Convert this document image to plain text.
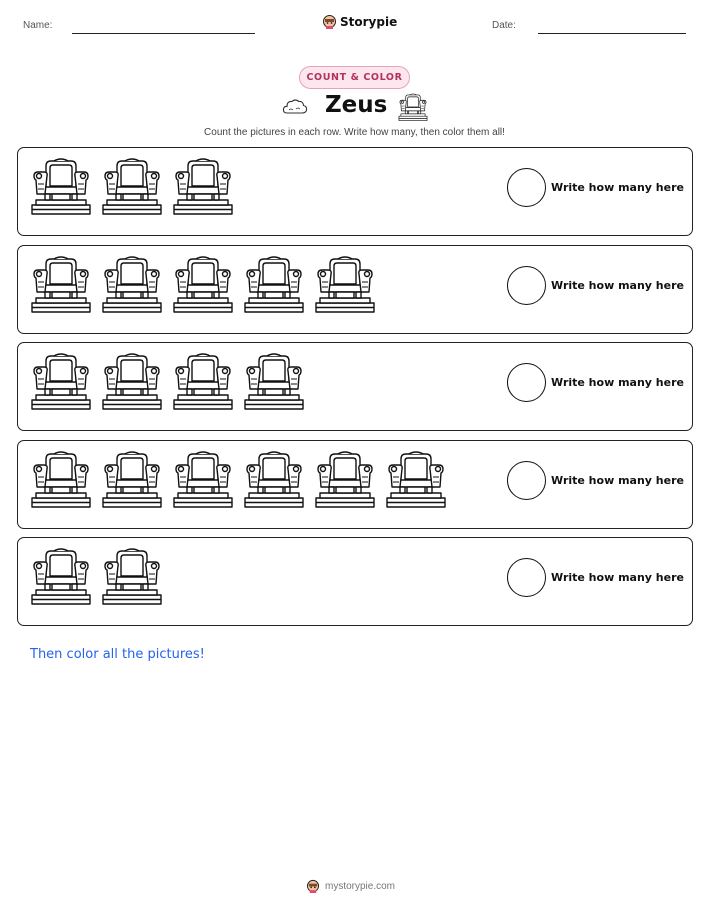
Name:	Storypie	Date:
COUNT & COLOR
Zeus
Count the pictures in each row. Write how many, then color them all!
Write how many here
Write how many here
Write how many here
Write how many here
Write how many here
Then color all the pictures!
mystorypie.com
